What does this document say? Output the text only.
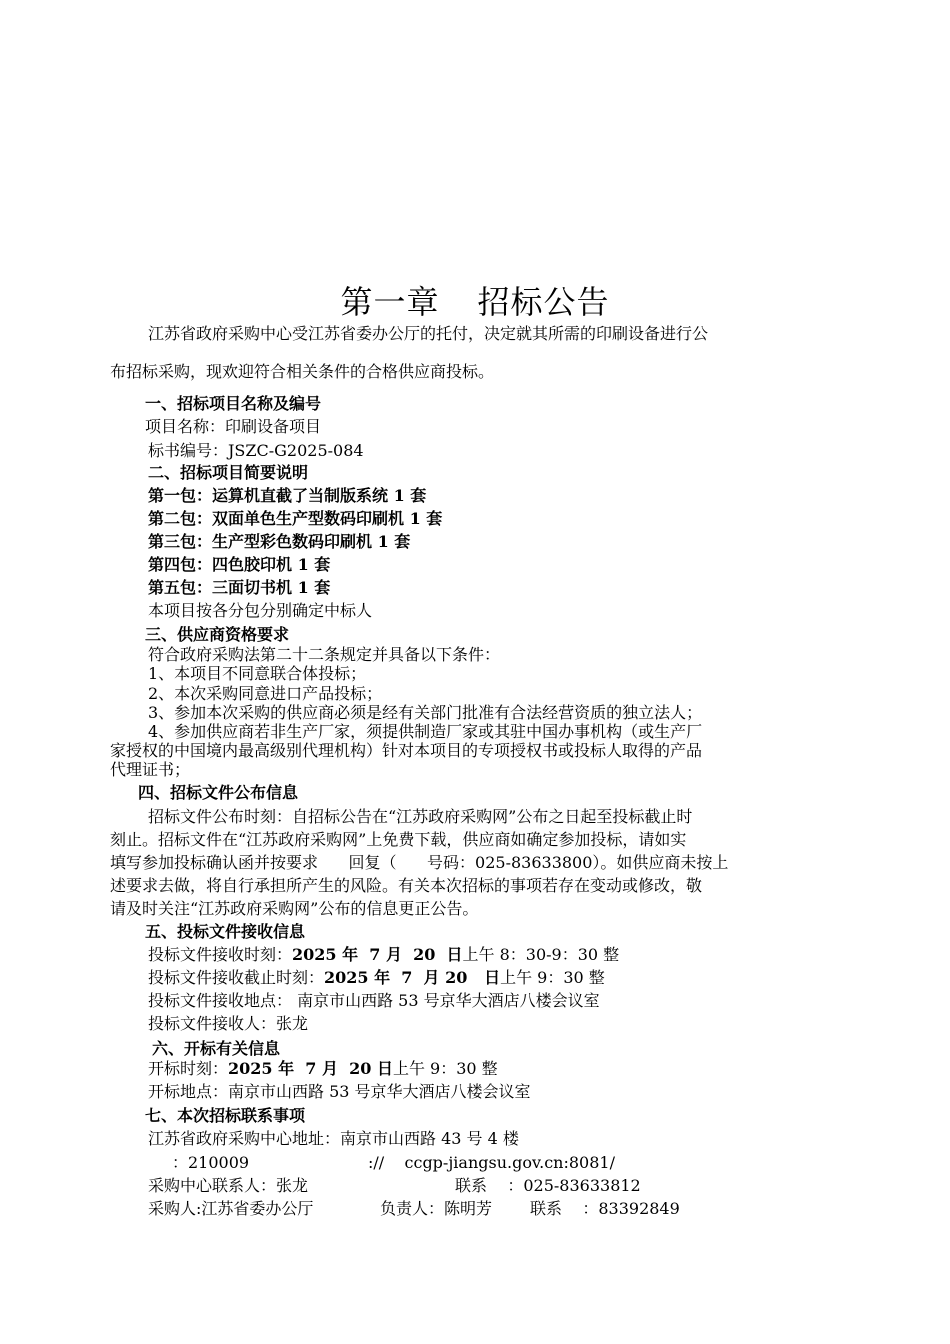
第一章 招标公告
江苏省政府采购中心受江苏省委办公厅的托付，决定就其所需的印刷设备进行公
布招标采购，现欢迎符合相关条件的合格供应商投标。
一、招标项目名称及编号
项目名称：印刷设备项目
标书编号：JSZC-G2025-084
二、招标项目简要说明
第一包：运算机直截了当制版系统 1 套
第二包：双面单色生产型数码印刷机 1 套
第三包：生产型彩色数码印刷机 1 套
第四包：四色胶印机 1 套
第五包：三面切书机 1 套
本项目按各分包分别确定中标人
三、供应商资格要求
符合政府采购法第二十二条规定并具备以下条件：
1、本项目不同意联合体投标；
2、本次采购同意进口产品投标；
3、参加本次采购的供应商必须是经有关部门批准有合法经营资质的独立法人；
4、参加供应商若非生产厂家，须提供制造厂家或其驻中国办事机构（或生产厂
家授权的中国境内最高级别代理机构）针对本项目的专项授权书或投标人取得的产品
代理证书；
四、招标文件公布信息
招标文件公布时刻：自招标公告在“江苏政府采购网”公布之日起至投标截止时
刻止。招标文件在“江苏政府采购网”上免费下载，供应商如确定参加投标，请如实
填写参加投标确认函并按要求      回复（      号码：025-83633800）。如供应商未按上
述要求去做，将自行承担所产生的风险。有关本次招标的事项若存在变动或修改，敬
请及时关注“江苏政府采购网”公布的信息更正公告。
五、投标文件接收信息
投标文件接收时刻：2025 年  7 月  20  日上午 8：30-9：30 整
投标文件接收截止时刻：2025 年  7  月 20   日上午 9：30 整
投标文件接收地点： 南京市山西路 53 号京华大酒店八楼会议室
投标文件接收人：张龙
六、开标有关信息
开标时刻：2025 年  7 月  20 日上午 9：30 整
开标地点：南京市山西路 53 号京华大酒店八楼会议室
七、本次招标联系事项
江苏省政府采购中心地址：南京市山西路 43 号 4 楼
：210009	://    ccgp-jiangsu.gov.cn:8081/
采购中心联系人：张龙	联系    ：025-83633812
采购人:江苏省委办公厅	负责人：陈明芳 联系    ：83392849
